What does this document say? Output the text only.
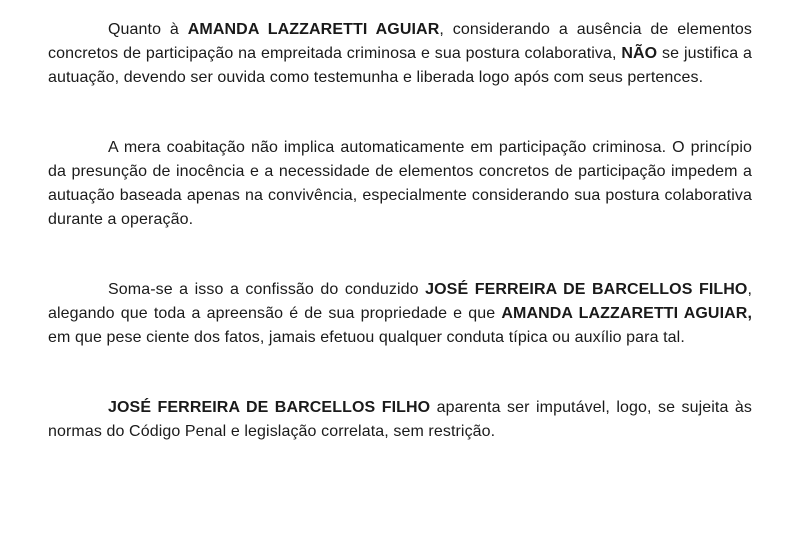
Quanto à AMANDA LAZZARETTI AGUIAR, considerando a ausência de elementos concretos de participação na empreitada criminosa e sua postura colaborativa, NÃO se justifica a autuação, devendo ser ouvida como testemunha e liberada logo após com seus pertences.

A mera coabitação não implica automaticamente em participação criminosa. O princípio da presunção de inocência e a necessidade de elementos concretos de participação impedem a autuação baseada apenas na convivência, especialmente considerando sua postura colaborativa durante a operação.

Soma-se a isso a confissão do conduzido JOSÉ FERREIRA DE BARCELLOS FILHO, alegando que toda a apreensão é de sua propriedade e que AMANDA LAZZARETTI AGUIAR, em que pese ciente dos fatos, jamais efetuou qualquer conduta típica ou auxílio para tal.

JOSÉ FERREIRA DE BARCELLOS FILHO aparenta ser imputável, logo, se sujeita às normas do Código Penal e legislação correlata, sem restrição.
